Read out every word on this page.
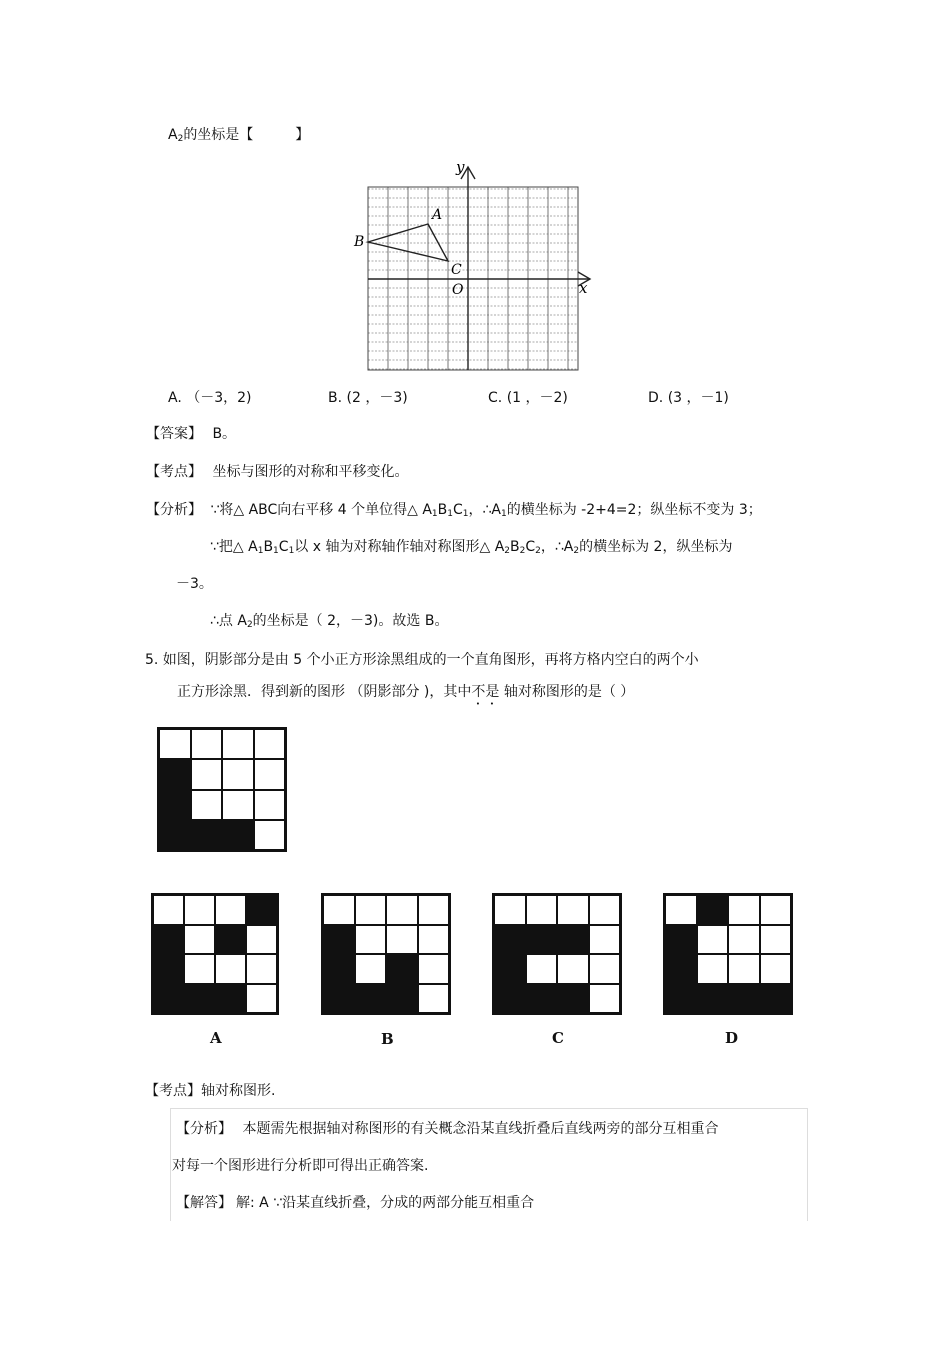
$A_2$的坐标是【	】
y
x
A
B
C
O
A. （－3，2)	B. (2 ，－3)	C. (1 ，－2)	D. (3 ，－1)
【答案】 B。
【考点】 坐标与图形的对称和平移变化。
【分析】 ∵将△ ABC向右平移 4 个单位得△ $A_1B_1C_1$，$\therefore A_1$的横坐标为 -2+4=2；纵坐标不变为 3；
∵把△ $A_1B_1C_1$以 x 轴为对称轴作轴对称图形△ $A_2B_2C_2$，$\therefore A_2$的横坐标为 2，纵坐标为
－3。
∴点 $A_2$的坐标是（ 2，－3)。故选 B。
5. 如图，阴影部分是由 5 个小正方形涂黑组成的一个直角图形，再将方格内空白的两个小
正方形涂黑．得到新的图形 （阴影部分 )，其中不是 轴对称图形的是（ ）
A	B	C	D
【考点】轴对称图形.
【分析】 本题需先根据轴对称图形的有关概念沿某直线折叠后直线两旁的部分互相重合
对每一个图形进行分析即可得出正确答案.
【解答】 解: A ∵沿某直线折叠，分成的两部分能互相重合
